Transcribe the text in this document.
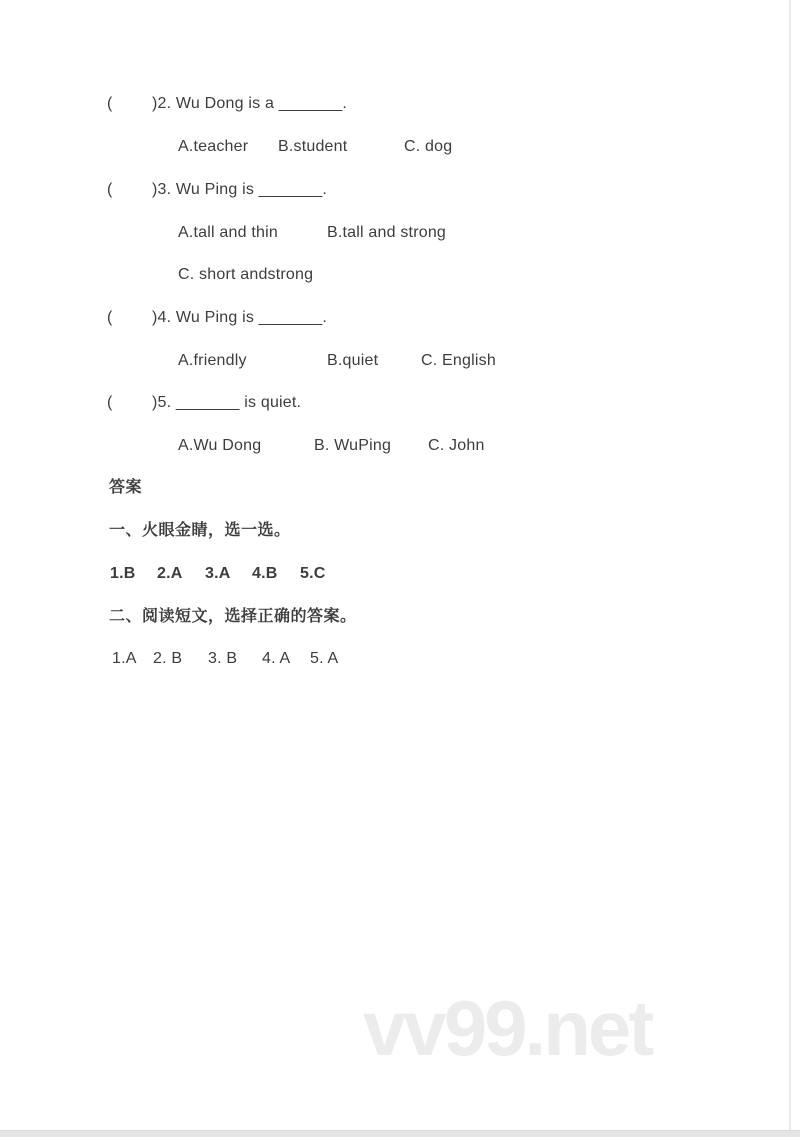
( )2. Wu Dong is a _______.
A.teacher B.student	C. dog
( )3. Wu Ping is _______.
A.tall and thin	B.tall and strong
C. short andstrong
( )4. Wu Ping is _______.
A.friendly	B.quiet	C. English
( )5. _______ is quiet.
A.Wu Dong	B. WuPing C. John
答案
一、火眼金睛，选一选。
1.B 2.A 3.A 4.B 5.C
二、阅读短文，选择正确的答案。
1.A 2. B 3. B 4. A 5. A
vv99.net
